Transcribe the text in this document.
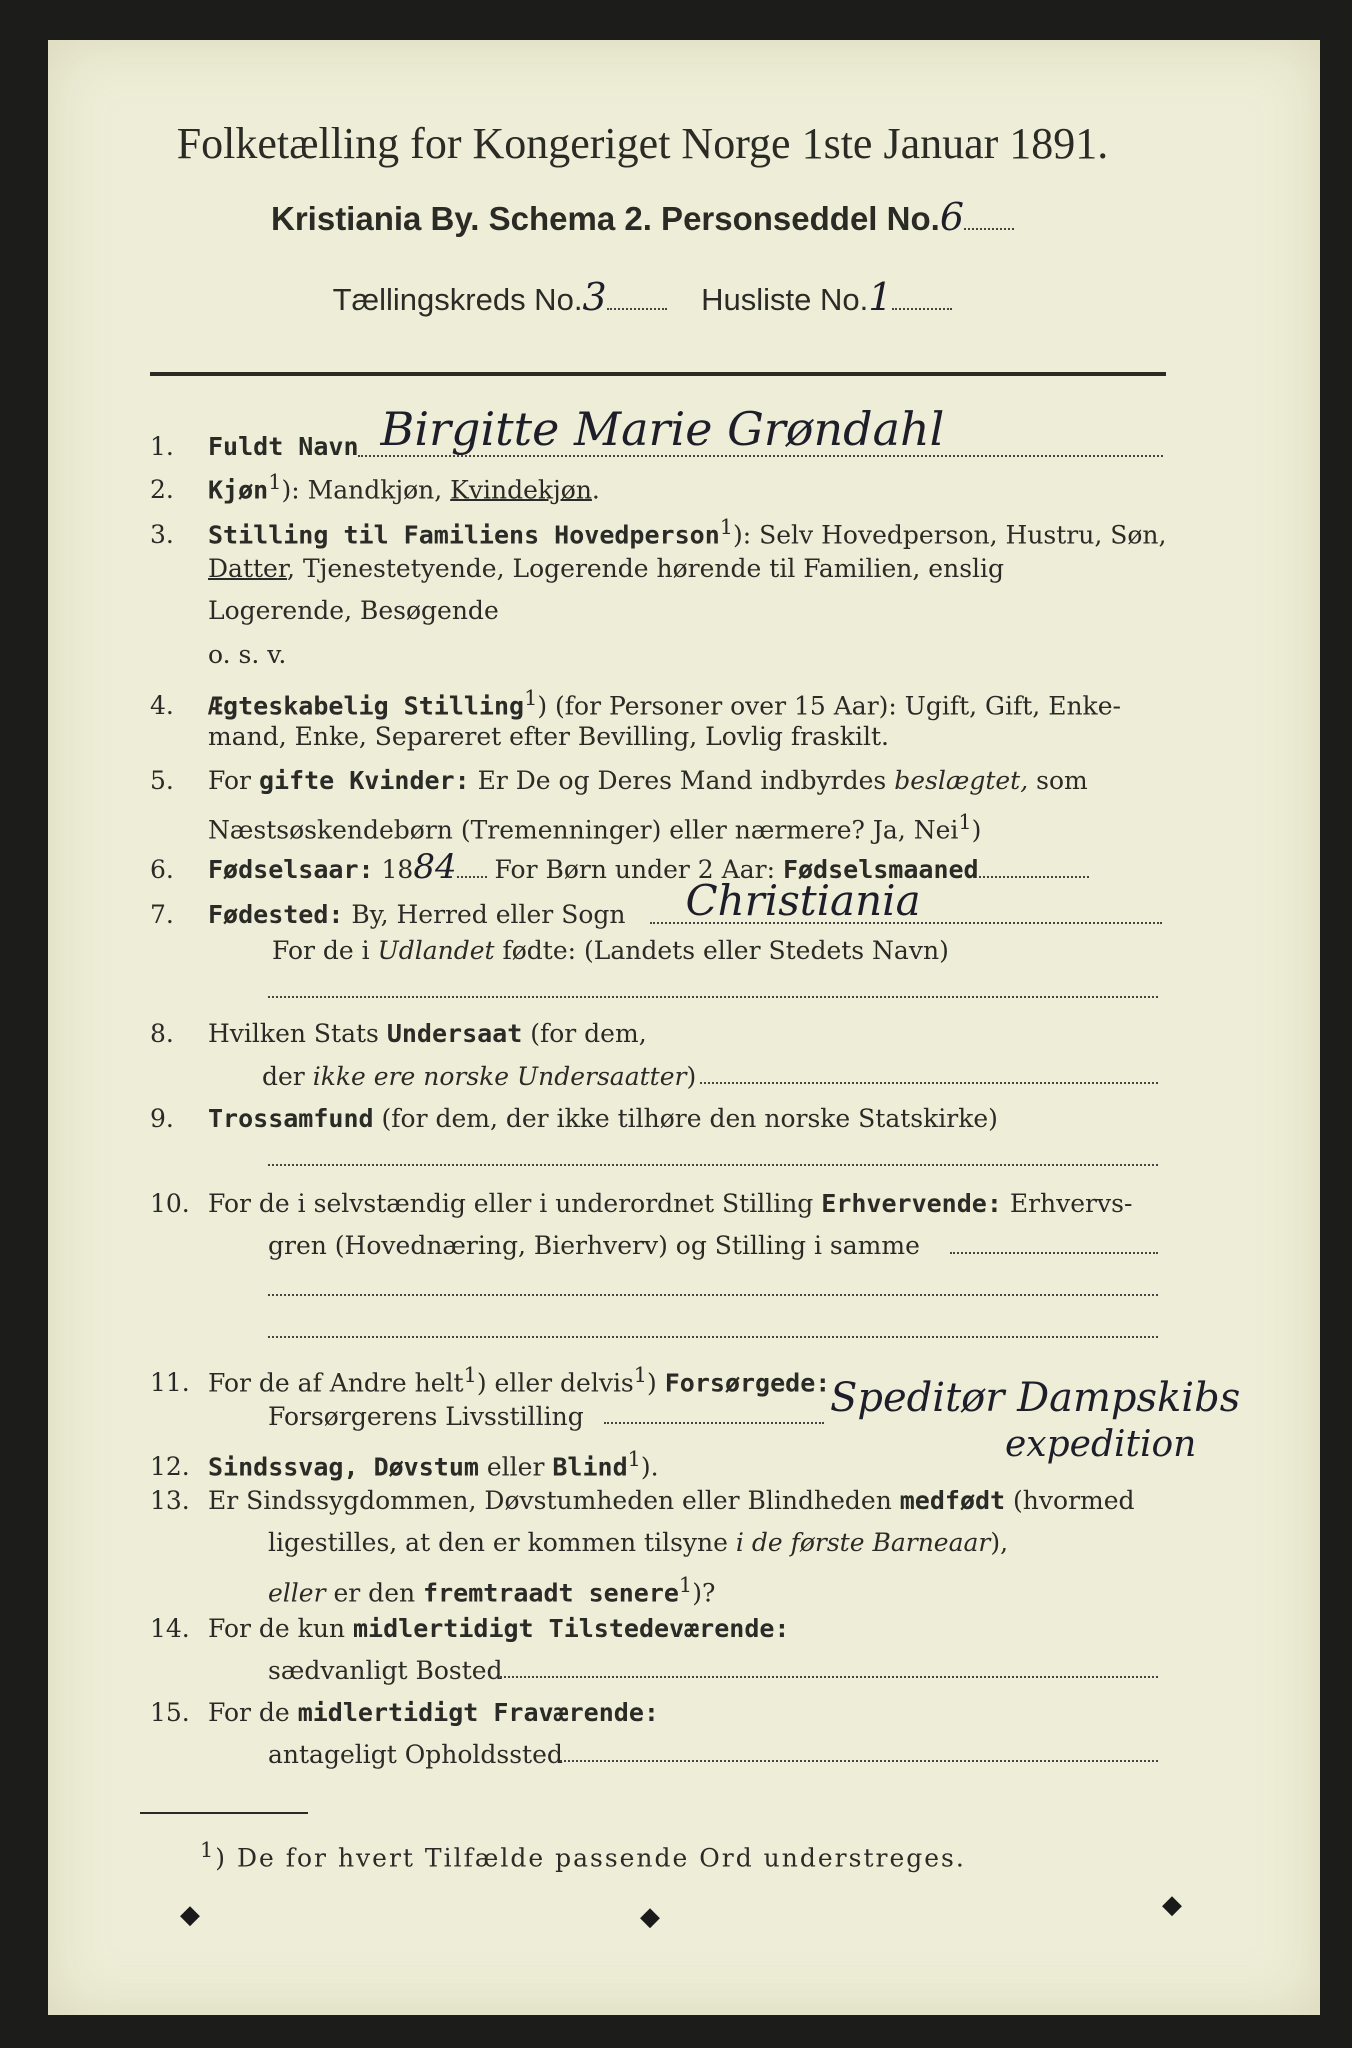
Folketælling for Kongeriget Norge 1ste Januar 1891.
Kristiania By. Schema 2. Personseddel No.6
Tællingskreds No.3	Husliste No.1
1. Fuldt Navn Birgitte Marie Grøndahl
2. Kjøn$^1$): Mandkjøn, Kvindekjøn.
3. Stilling til Familiens Hovedperson$^1$): Selv Hovedperson, Hustru, Søn,
Datter, Tjenestetyende, Logerende hørende til Familien, enslig
Logerende, Besøgende
o. s. v.
4. Ægteskabelig Stilling$^1$) (for Personer over 15 Aar): Ugift, Gift, Enke-
mand, Enke, Separeret efter Bevilling, Lovlig fraskilt.
5. For gifte Kvinder: Er De og Deres Mand indbyrdes beslægtet, som
Næstsøskendebørn (Tremenninger) eller nærmere? Ja, Nei$^1$)
6. Fødselsaar: 1884 For Børn under 2 Aar: Fødselsmaaned
7. Fødested: By, Herred eller Sogn Christiania
For de i Udlandet fødte: (Landets eller Stedets Navn)
8. Hvilken Stats Undersaat (for dem,
der ikke ere norske Undersaatter)
9. Trossamfund (for dem, der ikke tilhøre den norske Statskirke)
10. For de i selvstændig eller i underordnet Stilling Erhvervende: Erhvervs-
gren (Hovednæring, Bierhverv) og Stilling i samme
11. For de af Andre helt$^1$) eller delvis$^1$) Forsørgede:
Forsørgerens Livsstilling	Speditør Dampskibs
expedition
12. Sindssvag, Døvstum eller Blind$^1$).
13. Er Sindssygdommen, Døvstumheden eller Blindheden medfødt (hvormed
ligestilles, at den er kommen tilsyne i de første Barneaar),
eller er den fremtraadt senere$^1$)?
14. For de kun midlertidigt Tilstedeværende:
sædvanligt Bosted
15. For de midlertidigt Fraværende:
antageligt Opholdssted
$^1$) De for hvert Tilfælde passende Ord understreges.
◆	◆	◆
